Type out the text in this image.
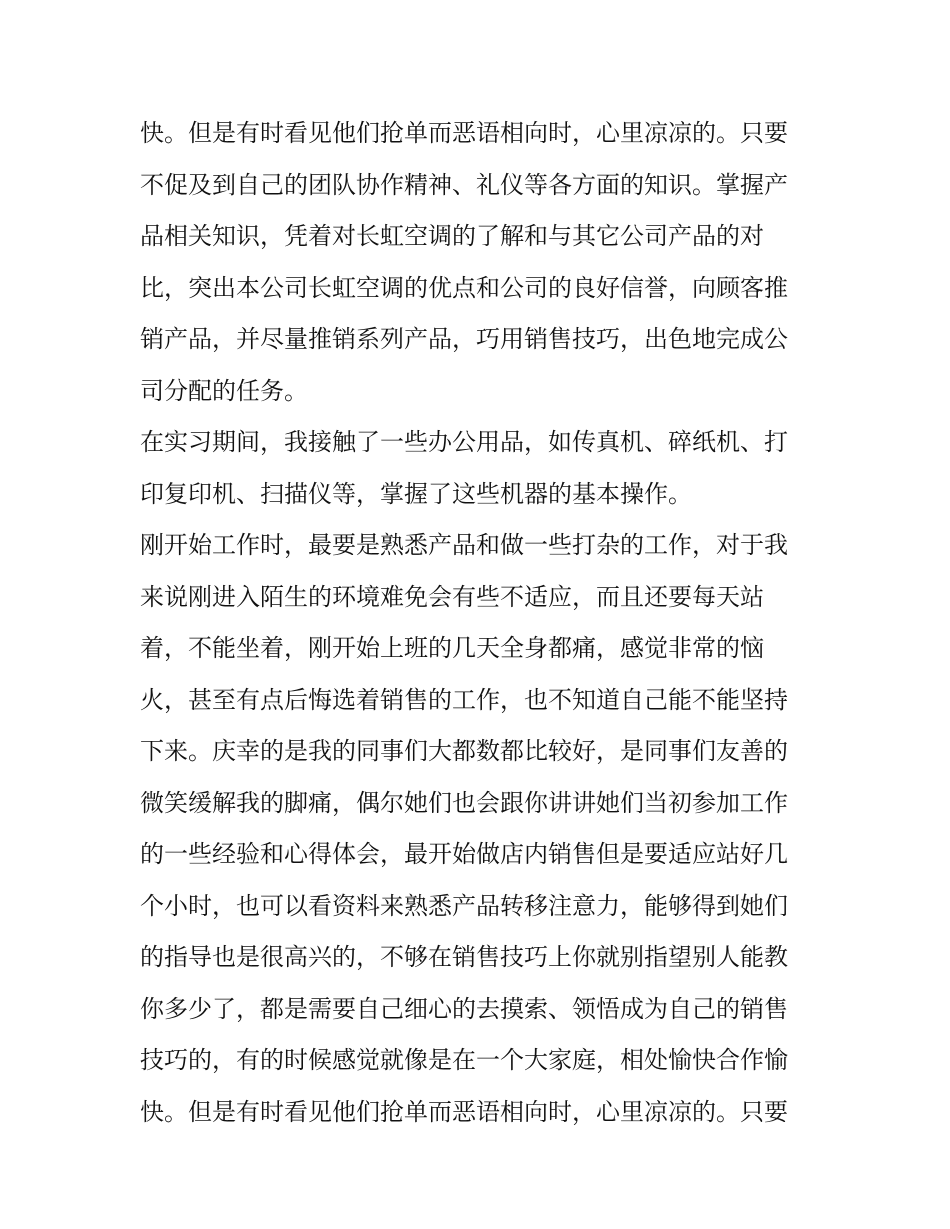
快。但是有时看见他们抢单而恶语相向时，心里凉凉的。只要
不促及到自己的团队协作精神、礼仪等各方面的知识。掌握产
品相关知识，凭着对长虹空调的了解和与其它公司产品的对
比，突出本公司长虹空调的优点和公司的良好信誉，向顾客推
销产品，并尽量推销系列产品，巧用销售技巧，出色地完成公
司分配的任务。
在实习期间，我接触了一些办公用品，如传真机、碎纸机、打
印复印机、扫描仪等，掌握了这些机器的基本操作。
刚开始工作时，最要是熟悉产品和做一些打杂的工作，对于我
来说刚进入陌生的环境难免会有些不适应，而且还要每天站
着，不能坐着，刚开始上班的几天全身都痛，感觉非常的恼
火，甚至有点后悔选着销售的工作，也不知道自己能不能坚持
下来。庆幸的是我的同事们大都数都比较好，是同事们友善的
微笑缓解我的脚痛，偶尔她们也会跟你讲讲她们当初参加工作
的一些经验和心得体会，最开始做店内销售但是要适应站好几
个小时，也可以看资料来熟悉产品转移注意力，能够得到她们
的指导也是很高兴的，不够在销售技巧上你就别指望别人能教
你多少了，都是需要自己细心的去摸索、领悟成为自己的销售
技巧的，有的时候感觉就像是在一个大家庭，相处愉快合作愉
快。但是有时看见他们抢单而恶语相向时，心里凉凉的。只要
